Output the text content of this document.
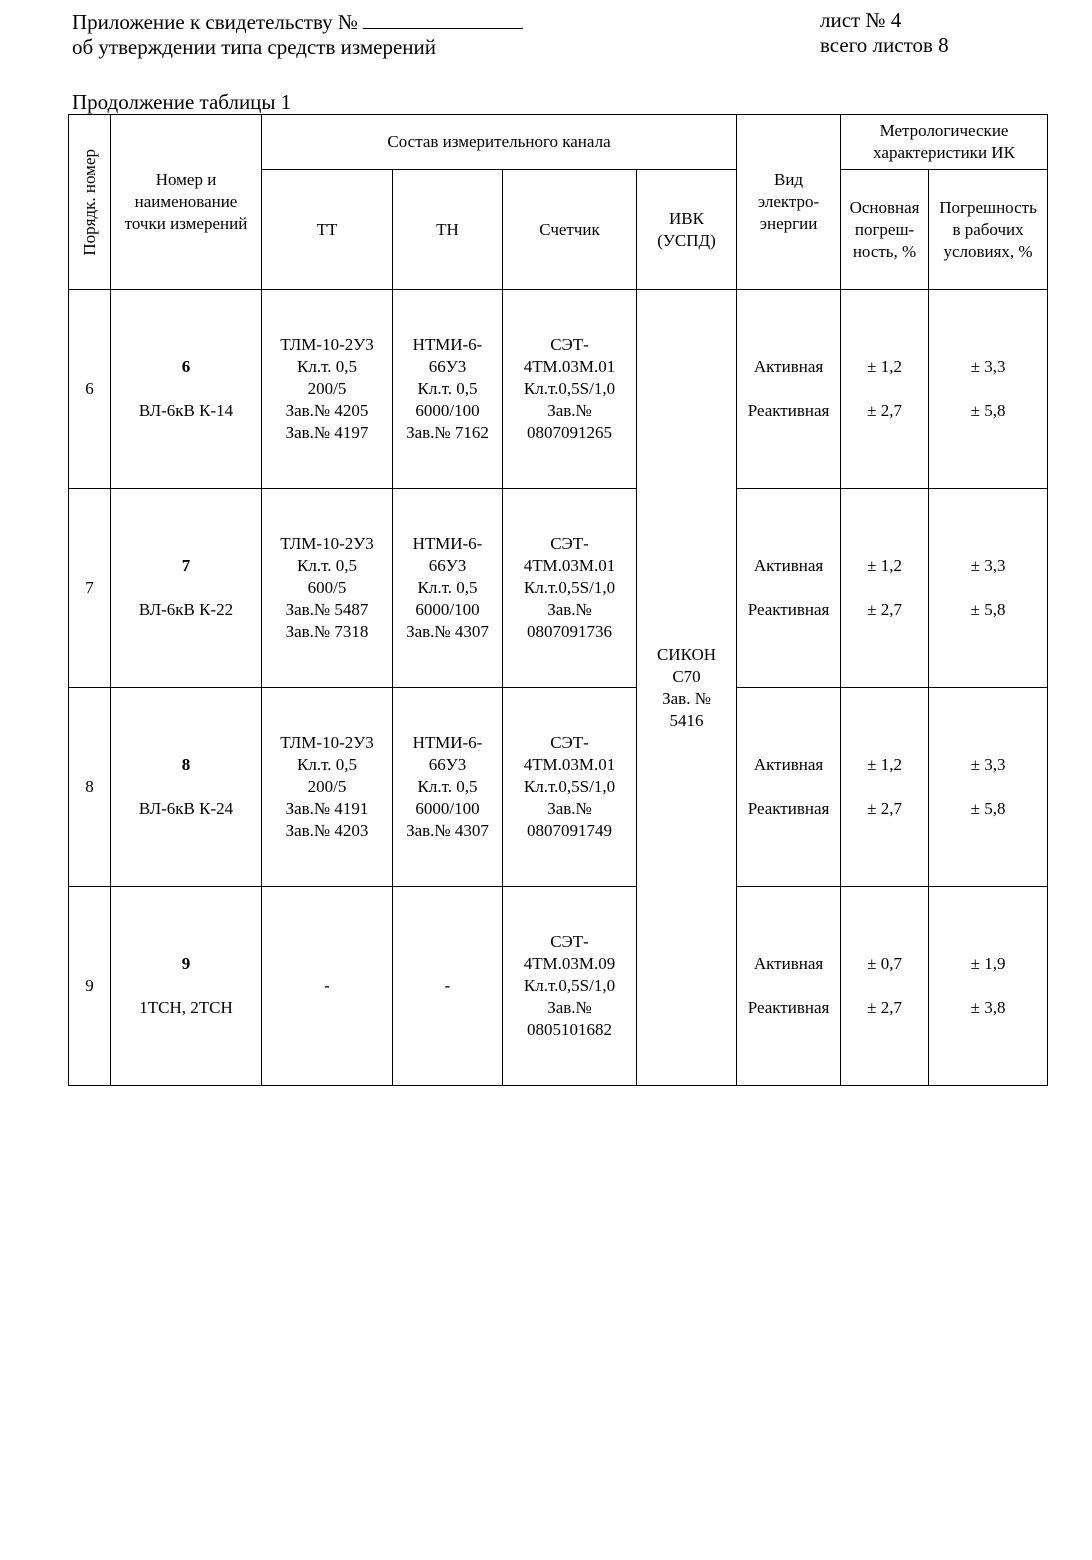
Приложение к свидетельству №
об утверждении типа средств измерений
лист № 4
всего листов 8
Продолжение таблицы 1
Порядк. номер	Номер и
наименование
точки измерений	Состав измерительного канала				Вид
электро-
энергии	Метрологические
характеристики ИК	

		ТТ	ТН	Счетчик	ИВК
(УСПД)		Основная
погреш-
ность, %	Погрешность
в рабочих
условиях, %

6	6
ВЛ-6кВ К-14	ТЛМ-10-2У3
Кл.т. 0,5
200/5
Зав.№ 4205
Зав.№ 4197	НТМИ-6-
66У3
Кл.т. 0,5
6000/100
Зав.№ 7162	СЭТ-
4ТМ.03М.01
Кл.т.0,5S/1,0
Зав.№
0807091265	СИКОН
С70
Зав. №
5416	Активная
Реактивная	± 1,2
± 2,7	± 3,3
± 5,8

7	7
ВЛ-6кВ К-22	ТЛМ-10-2У3
Кл.т. 0,5
600/5
Зав.№ 5487
Зав.№ 7318	НТМИ-6-
66У3
Кл.т. 0,5
6000/100
Зав.№ 4307	СЭТ-
4ТМ.03М.01
Кл.т.0,5S/1,0
Зав.№
0807091736		Активная
Реактивная	± 1,2
± 2,7	± 3,3
± 5,8

8	8
ВЛ-6кВ К-24	ТЛМ-10-2У3
Кл.т. 0,5
200/5
Зав.№ 4191
Зав.№ 4203	НТМИ-6-
66У3
Кл.т. 0,5
6000/100
Зав.№ 4307	СЭТ-
4ТМ.03М.01
Кл.т.0,5S/1,0
Зав.№
0807091749		Активная
Реактивная	± 1,2
± 2,7	± 3,3
± 5,8

9	9
1ТСН, 2ТСН	-	-	СЭТ-
4ТМ.03М.09
Кл.т.0,5S/1,0
Зав.№
0805101682		Активная
Реактивная	± 0,7
± 2,7	± 1,9
± 3,8
